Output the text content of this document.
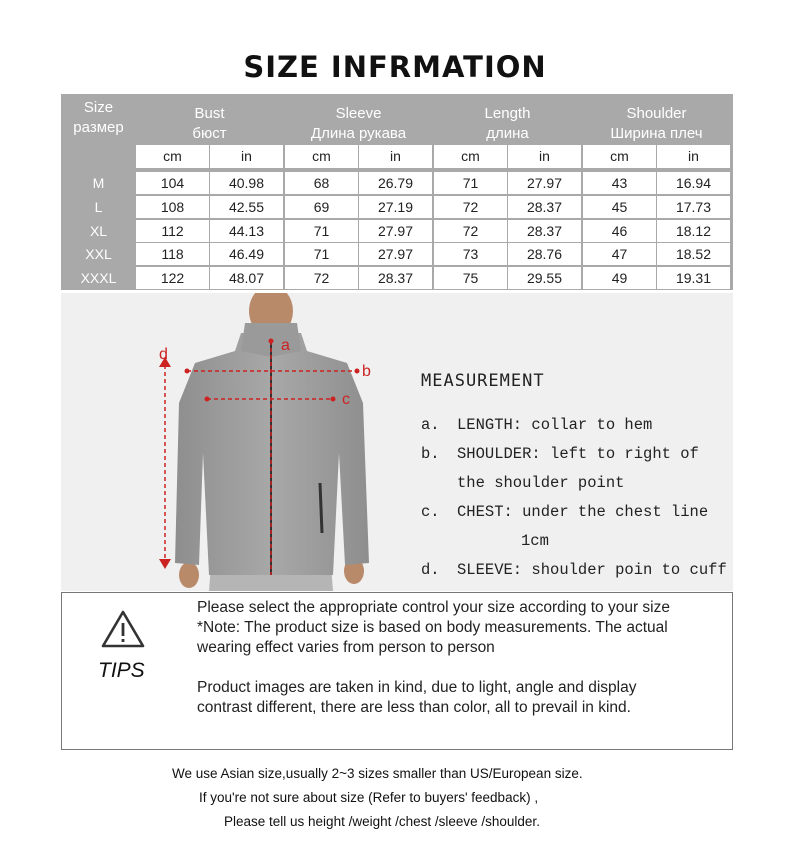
SIZE INFRMATION
Size
размер
Bust
бюст
Sleeve
Длина рукава
Length
длина
Shoulder
Ширина плеч
cm	in	cm	in	cm	in	cm	in
M	104	40.98	68	26.79	71	27.97	43	16.94
L	108	42.55	69	27.19	72	28.37	45	17.73
XL	112	44.13	71	27.97	72	28.37	46	18.12
XXL	118	46.49	71	27.97	73	28.76	47	18.52
XXXL	122	48.07	72	28.37	75	29.55	49	19.31
a
b
c
d
MEASUREMENT
a. LENGTH: collar to hem
b. SHOULDER: left to right of
the shoulder point
c. CHEST: under the chest line
1cm
d. SLEEVE: shoulder poin to cuff
TIPS
Please select the appropriate control your size according to your size
*Note: The product size is based on body measurements. The actual
wearing effect varies from person to person
Product images are taken in kind, due to light, angle and display
contrast different, there are less than color, all to prevail in kind.
We use Asian size,usually 2~3 sizes smaller than US/European size.
If you're not sure about size (Refer to buyers' feedback) ,
Please tell us height /weight /chest /sleeve /shoulder.
